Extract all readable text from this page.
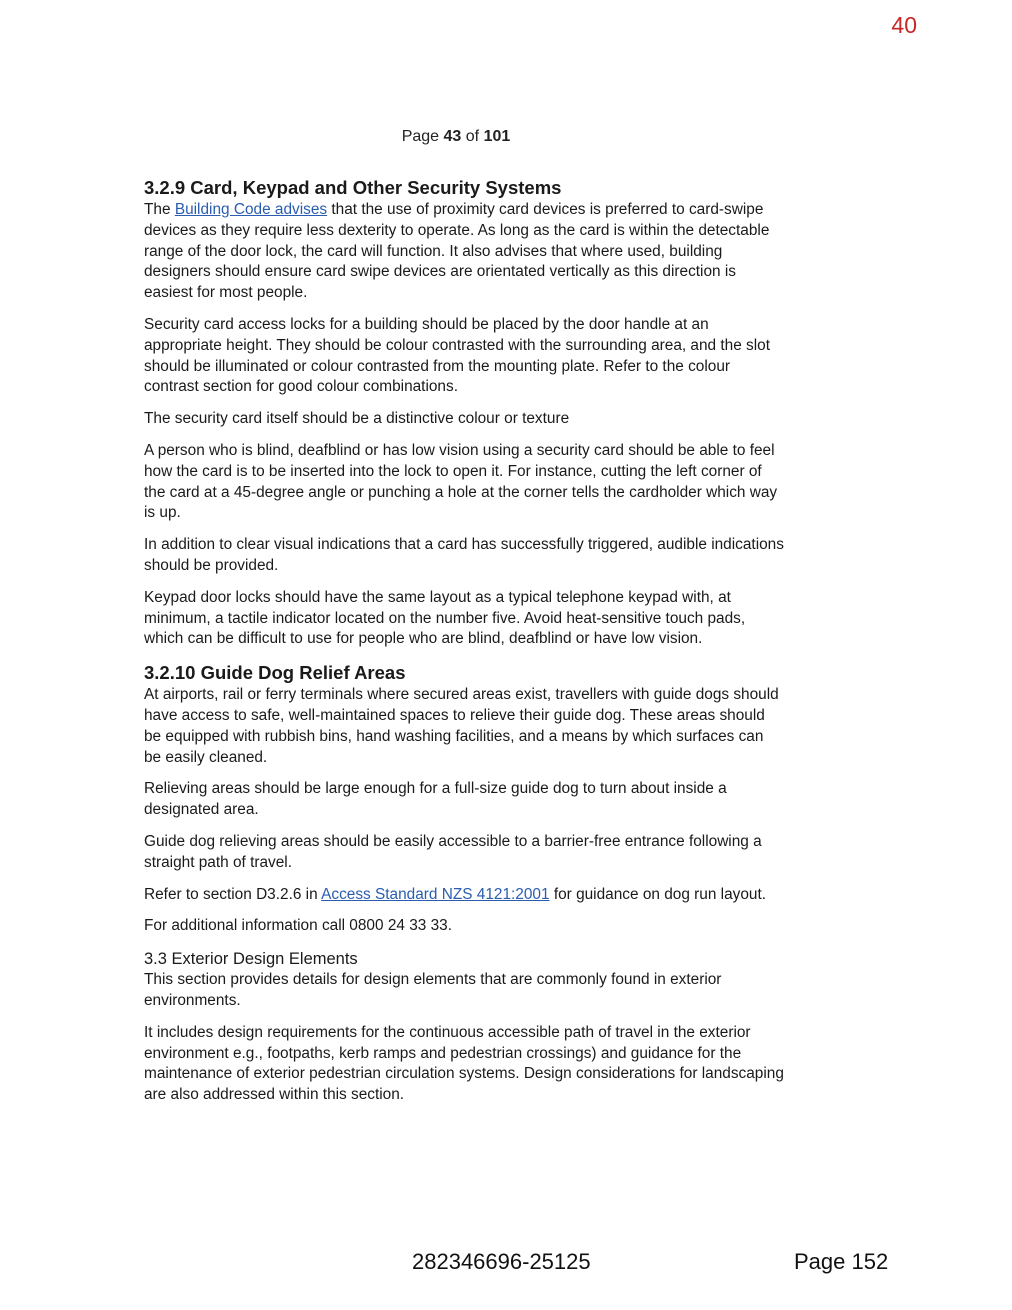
40
Page 43 of 101
3.2.9 Card, Keypad and Other Security Systems

The Building Code advises that the use of proximity card devices is preferred to card-swipe devices as they require less dexterity to operate. As long as the card is within the detectable range of the door lock, the card will function. It also advises that where used, building designers should ensure card swipe devices are orientated vertically as this direction is easiest for most people.

Security card access locks for a building should be placed by the door handle at an appropriate height. They should be colour contrasted with the surrounding area, and the slot should be illuminated or colour contrasted from the mounting plate. Refer to the colour contrast section for good colour combinations.

The security card itself should be a distinctive colour or texture

A person who is blind, deafblind or has low vision using a security card should be able to feel how the card is to be inserted into the lock to open it. For instance, cutting the left corner of the card at a 45-degree angle or punching a hole at the corner tells the cardholder which way is up.

In addition to clear visual indications that a card has successfully triggered, audible indications should be provided.

Keypad door locks should have the same layout as a typical telephone keypad with, at minimum, a tactile indicator located on the number five. Avoid heat-sensitive touch pads, which can be difficult to use for people who are blind, deafblind or have low vision.

3.2.10 Guide Dog Relief Areas

At airports, rail or ferry terminals where secured areas exist, travellers with guide dogs should have access to safe, well-maintained spaces to relieve their guide dog. These areas should be equipped with rubbish bins, hand washing facilities, and a means by which surfaces can be easily cleaned.

Relieving areas should be large enough for a full-size guide dog to turn about inside a designated area.

Guide dog relieving areas should be easily accessible to a barrier-free entrance following a straight path of travel.

Refer to section D3.2.6 in Access Standard NZS 4121:2001 for guidance on dog run layout.

For additional information call 0800 24 33 33.

3.3 Exterior Design Elements

This section provides details for design elements that are commonly found in exterior environments.

It includes design requirements for the continuous accessible path of travel in the exterior environment e.g., footpaths, kerb ramps and pedestrian crossings) and guidance for the maintenance of exterior pedestrian circulation systems. Design considerations for landscaping are also addressed within this section.

282346696-25125	Page 152
